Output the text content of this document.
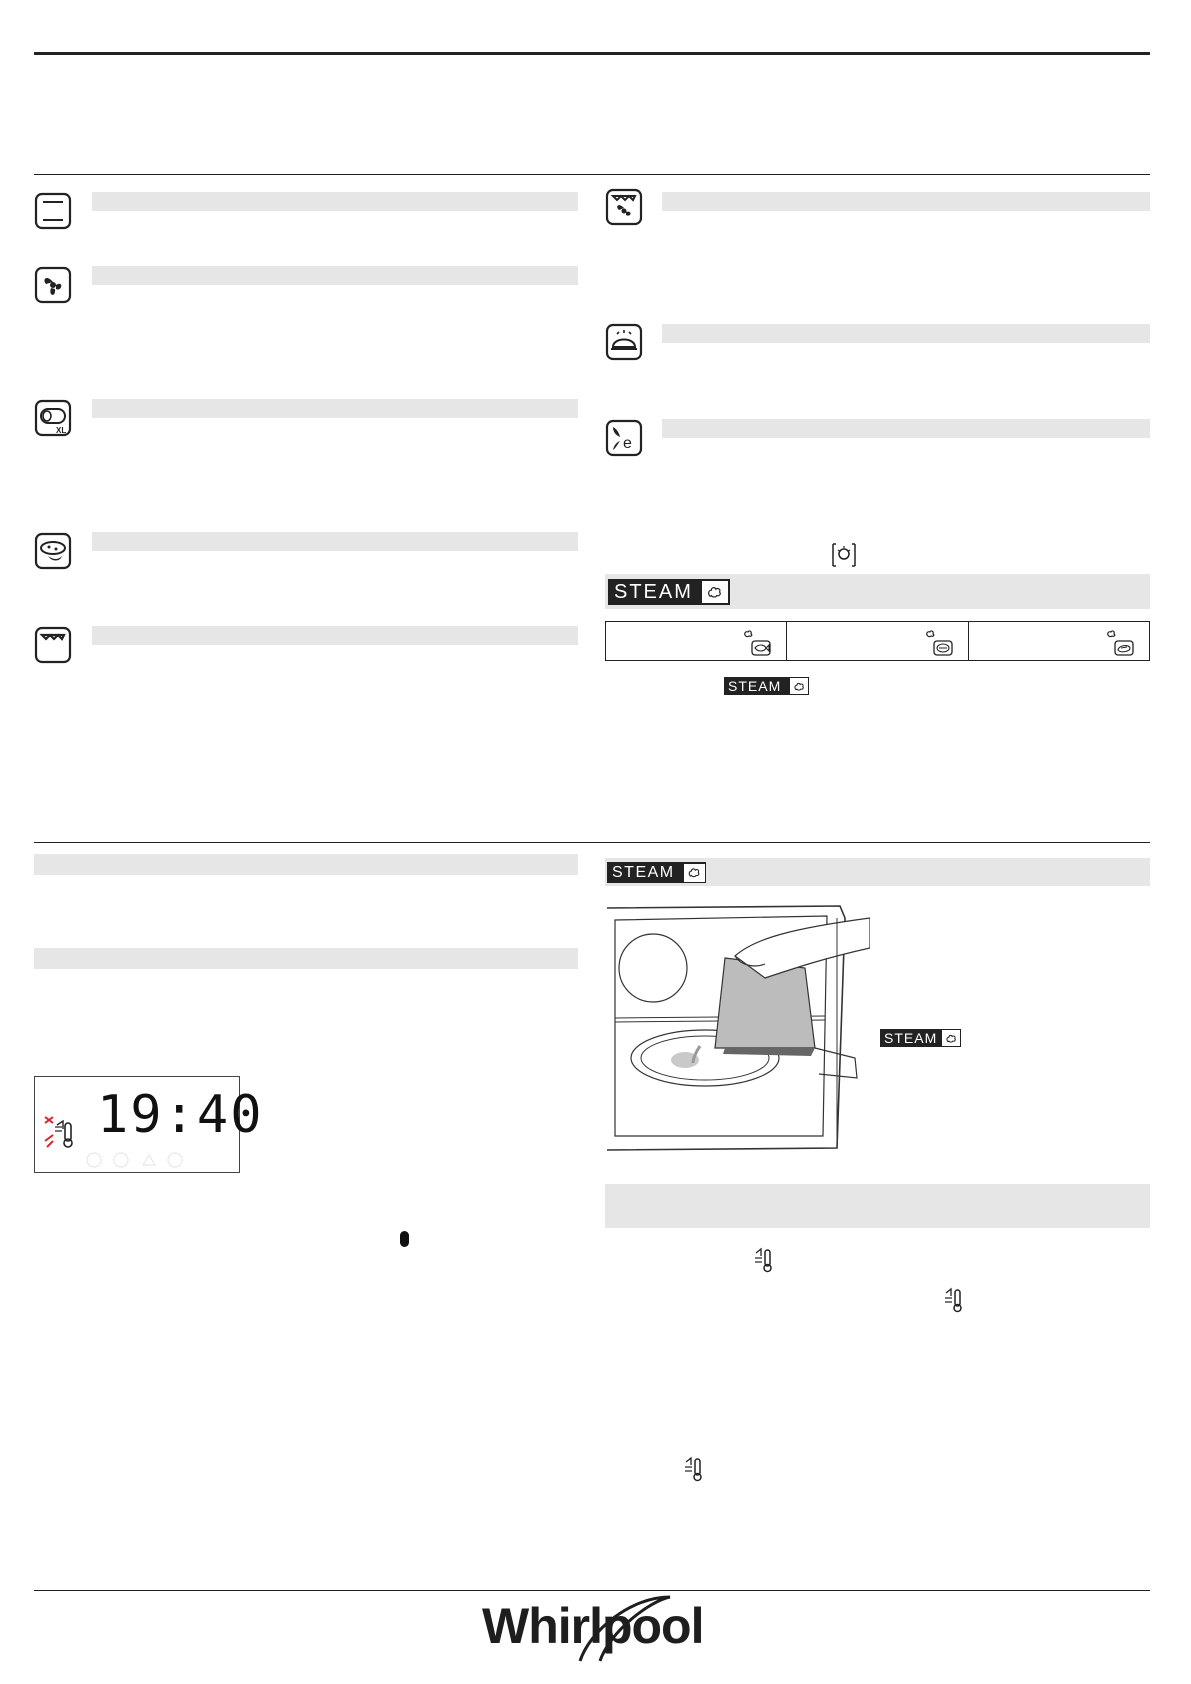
XL
e
STEAM
STEAM
19:40
STEAM
STEAM
Whirlpool
